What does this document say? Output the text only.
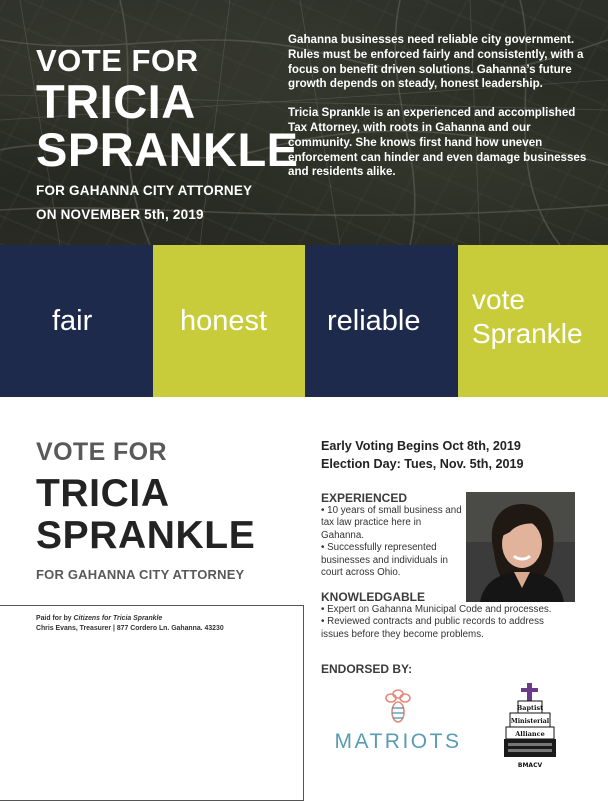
VOTE FOR
TRICIA
SPRANKLE
FOR GAHANNA CITY ATTORNEY
ON NOVEMBER 5th, 2019

Gahanna businesses need reliable city government. Rules must be enforced fairly and consistently, with a focus on benefit driven solutions. Gahanna’s future growth depends on steady, honest leadership.

Tricia Sprankle is an experienced and accomplished Tax Attorney, with roots in Gahanna and our community. She knows first hand how uneven enforcement can hinder and even damage businesses and residents alike.

fair	honest reliable
vote
Sprankle
VOTE FOR
TRICIA
SPRANKLE
FOR GAHANNA CITY ATTORNEY
Paid for by Citizens for Tricia Sprankle
Chris Evans, Treasurer | 877 Cordero Ln. Gahanna. 43230
Early Voting Begins Oct 8th, 2019
Election Day: Tues, Nov. 5th, 2019
EXPERIENCED
• 10 years of small business and tax law practice here in Gahanna.
• Successfully represented businesses and individuals in court across Ohio.
KNOWLEDGABLE
• Expert on Gahanna Municipal Code and processes.
• Reviewed contracts and public records to address issues before they become problems.
ENDORSED BY:
MATRIOTS
Baptist
Ministerial
Alliance
BMACV
